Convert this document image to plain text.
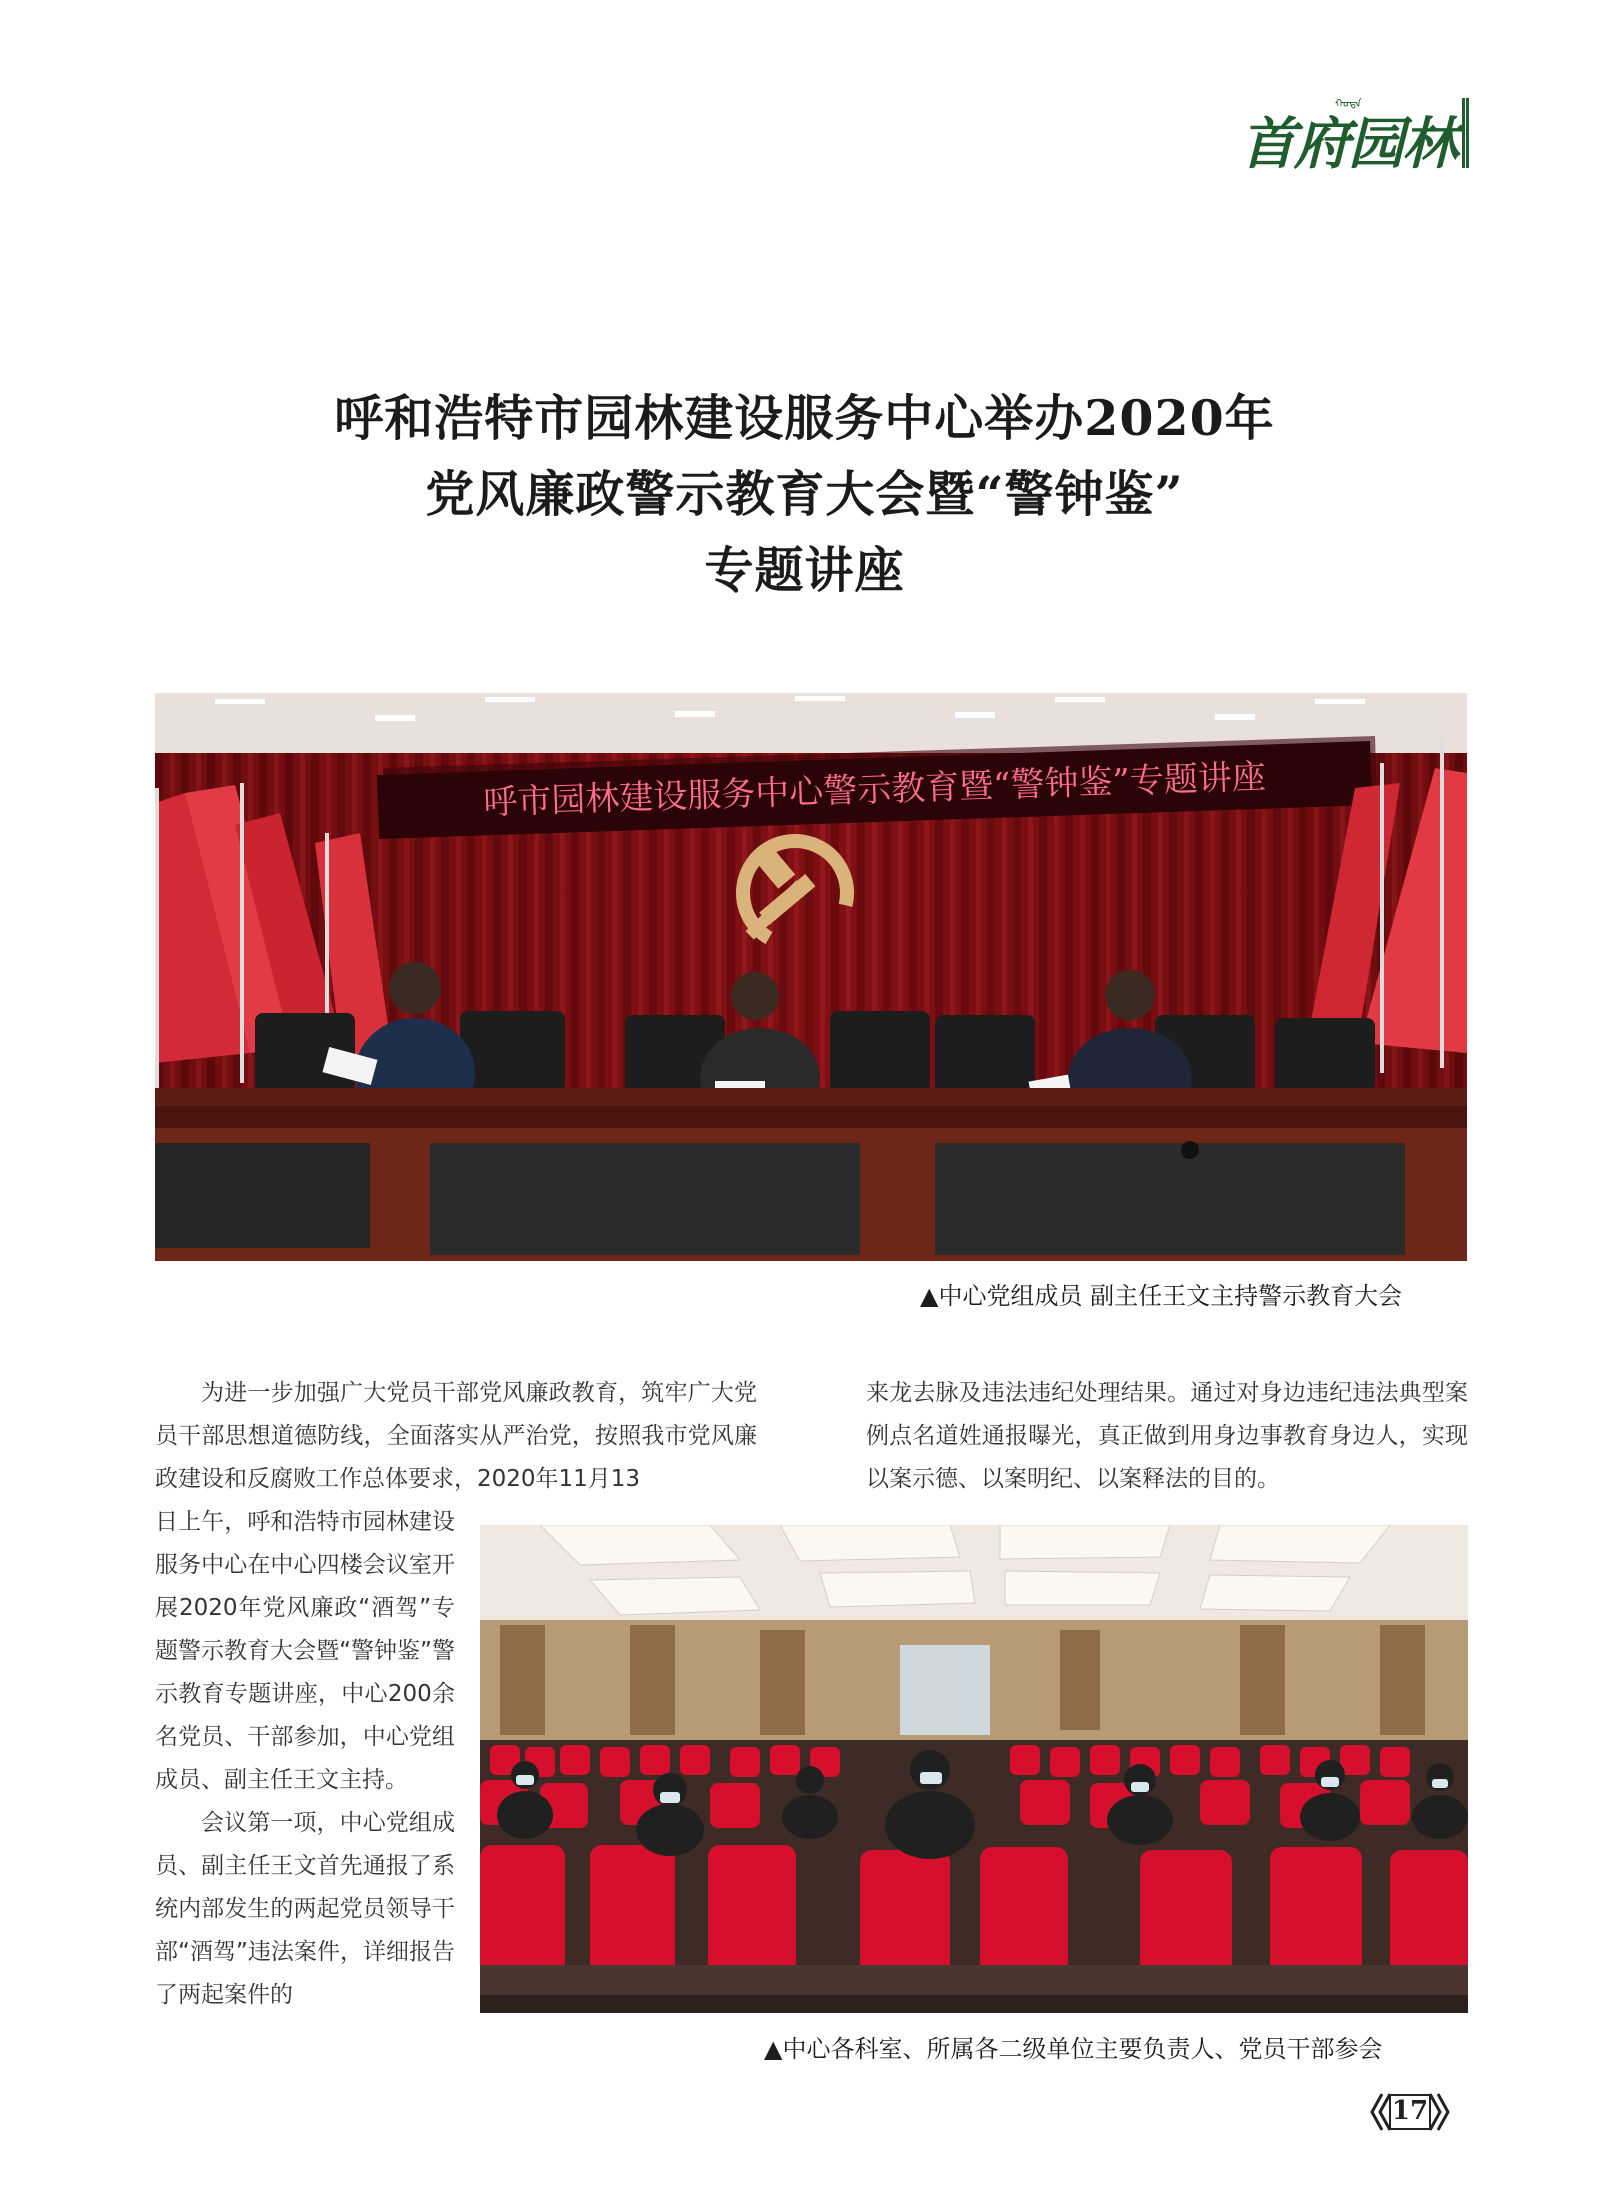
ᠬᠣᠲᠠ
首府园林
呼和浩特市园林建设服务中心举办2020年
党风廉政警示教育大会暨“警钟鉴”
专题讲座
呼市园林建设服务中心警示教育暨“警钟鉴”专题讲座
▲中心党组成员 副主任王文主持警示教育大会

为进一步加强广大党员干部党风廉政教育，筑牢广大党员干部思想道德防线，全面落实从严治党，按照我市党风廉政建设和反腐败工作总体要求，2020年11月13

日上午，呼和浩特市园林建设服务中心在中心四楼会议室开展2020年党风廉政“酒驾”专题警示教育大会暨“警钟鉴”警示教育专题讲座，中心200余名党员、干部参加，中心党组成员、副主任王文主持。

会议第一项，中心党组成员、副主任王文首先通报了系统内部发生的两起党员领导干部“酒驾”违法案件，详细报告了两起案件的

来龙去脉及违法违纪处理结果。通过对身边违纪违法典型案例点名道姓通报曝光，真正做到用身边事教育身边人，实现以案示德、以案明纪、以案释法的目的。

▲中心各科室、所属各二级单位主要负责人、党员干部参会
17
